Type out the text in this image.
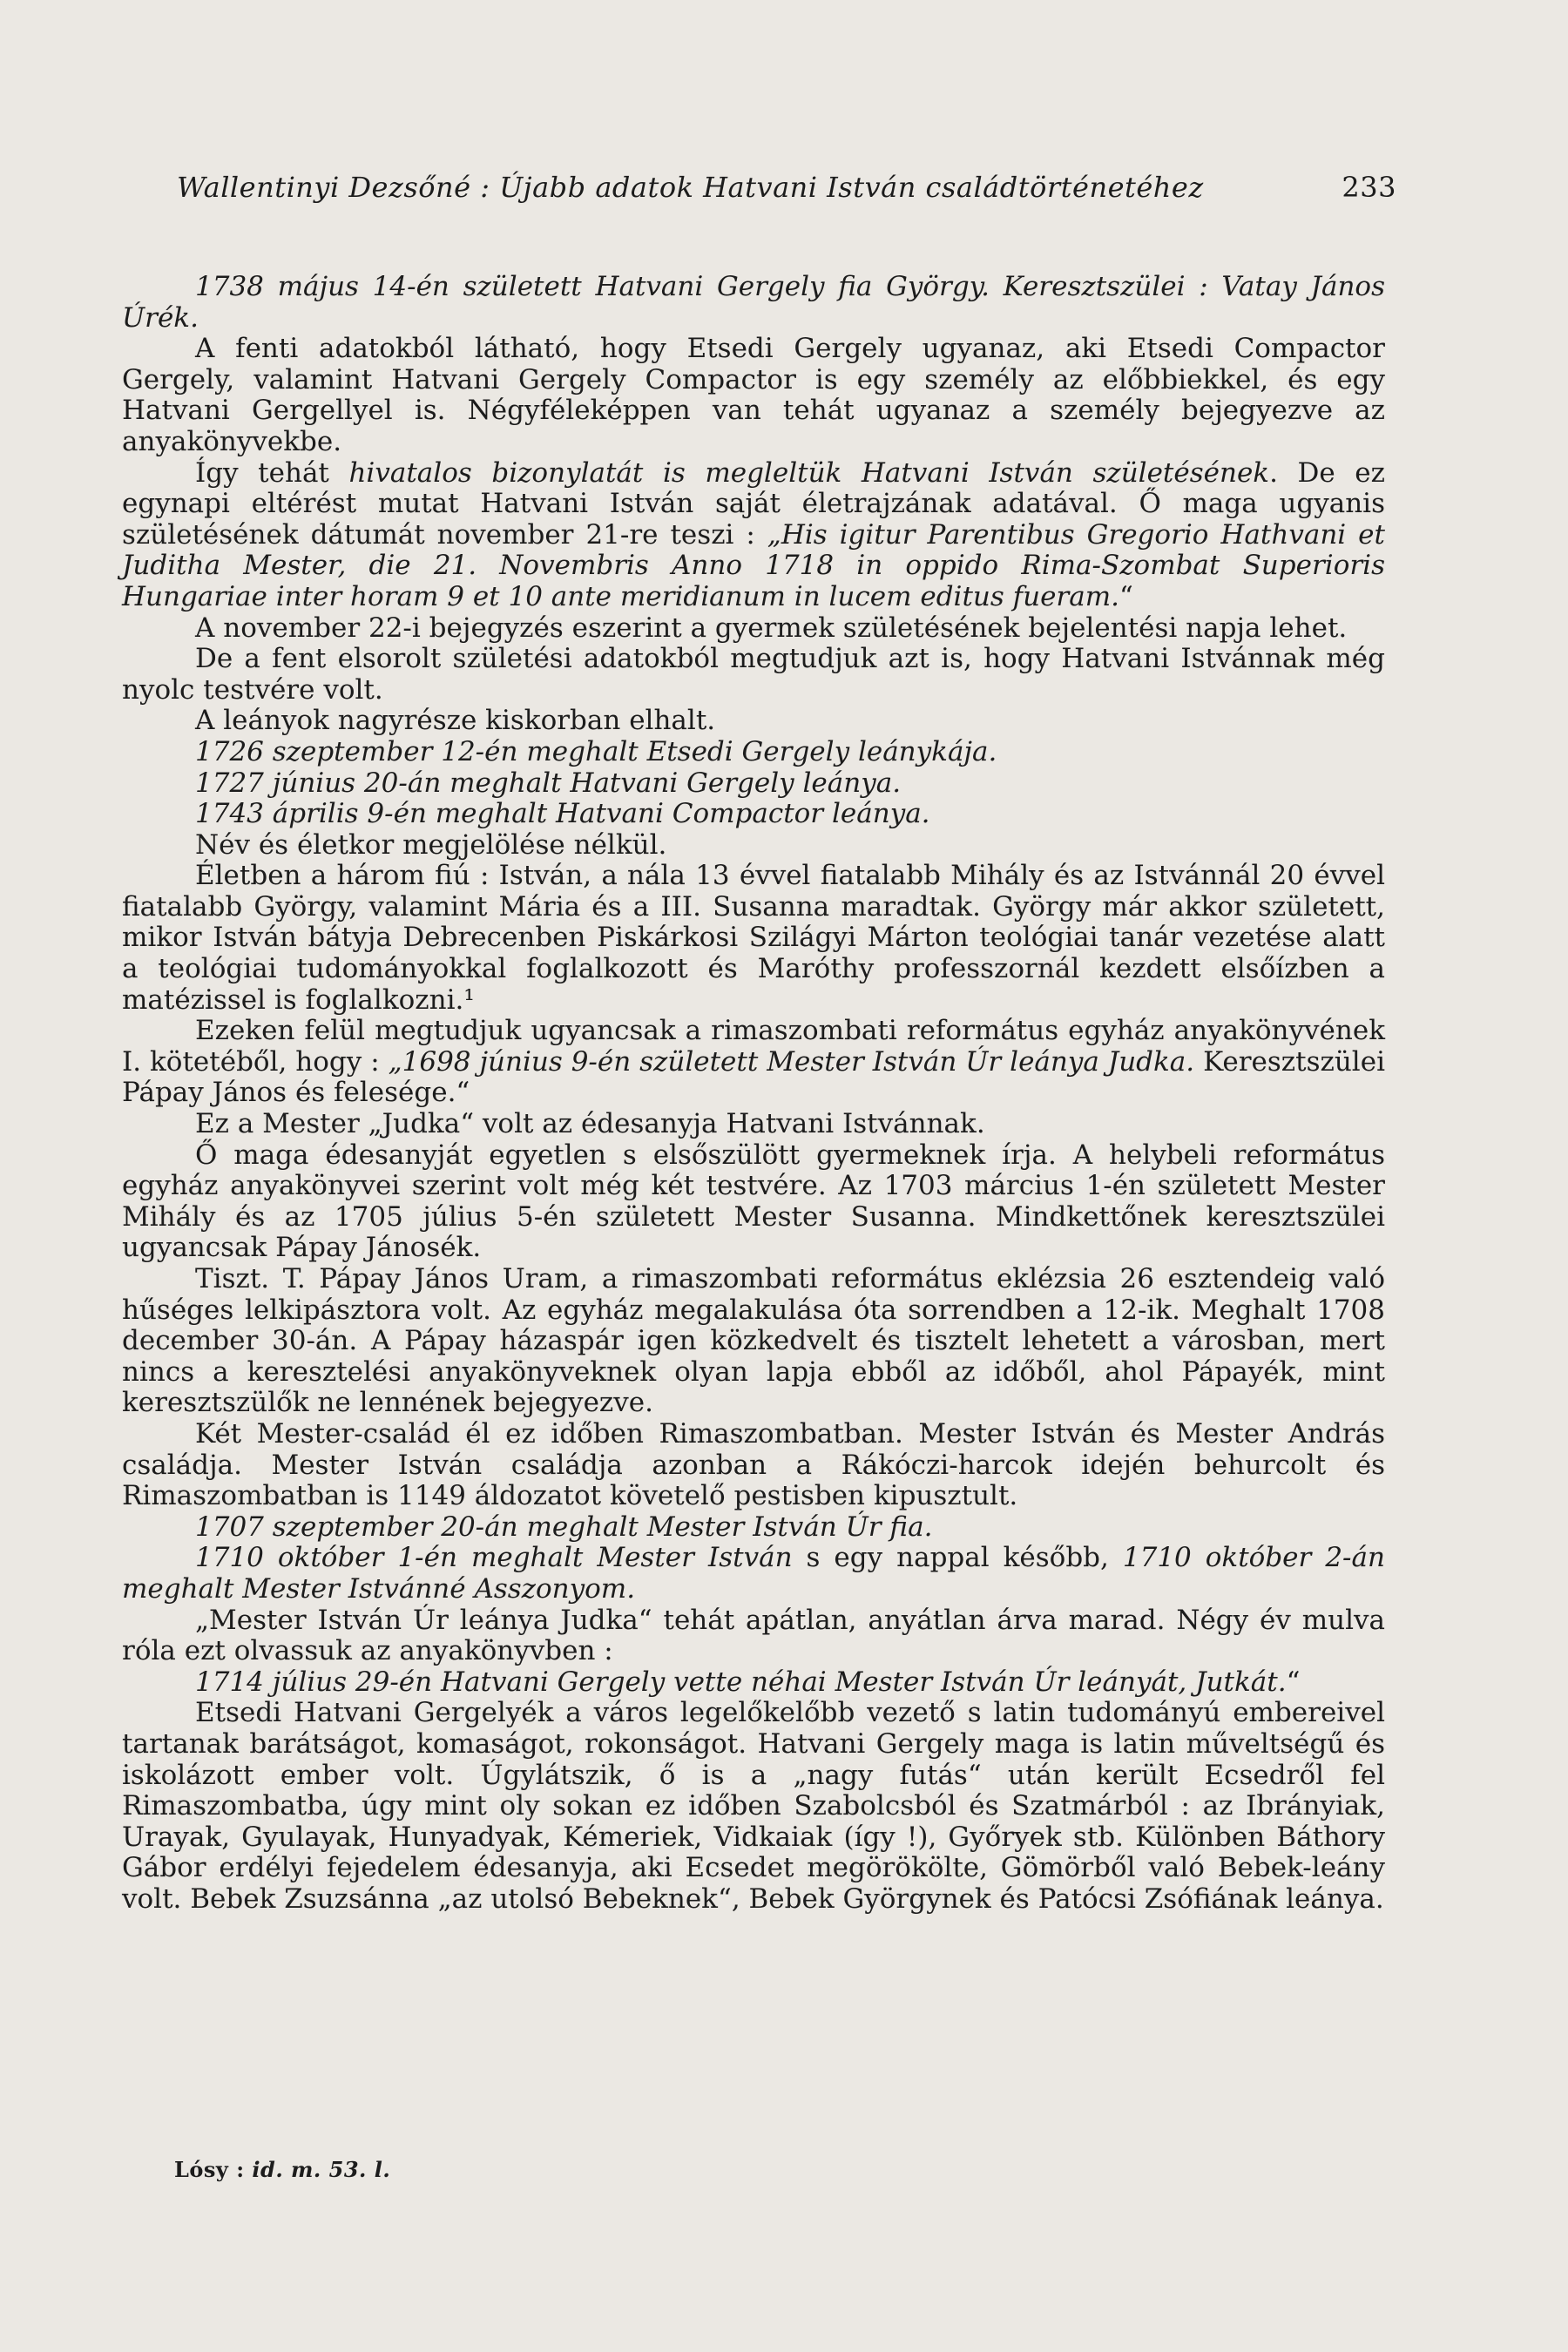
Wallentinyi Dezsőné : Újabb adatok Hatvani István családtörténetéhez	233

1738 május 14-én született Hatvani Gergely fia György. Keresztszülei : Vatay János Úrék.

A fenti adatokból látható, hogy Etsedi Gergely ugyanaz, aki Etsedi Compactor Gergely, valamint Hatvani Gergely Compactor is egy személy az előbbiekkel, és egy Hatvani Gergellyel is. Négyféleképpen van tehát ugyanaz a személy bejegyezve az anyakönyvekbe.

Így tehát hivatalos bizonylatát is megleltük Hatvani István születésének. De ez egynapi eltérést mutat Hatvani István saját életrajzának adatával. Ő maga ugyanis születésének dátumát november 21-re teszi : „His igitur Parentibus Gregorio Hathvani et Juditha Mester, die 21. Novembris Anno 1718 in oppido Rima-Szombat Superioris Hungariae inter horam 9 et 10 ante meridianum in lucem editus fueram.“

A november 22-i bejegyzés eszerint a gyermek születésének bejelentési napja lehet.

De a fent elsorolt születési adatokból megtudjuk azt is, hogy Hatvani Istvánnak még nyolc testvére volt.

A leányok nagyrésze kiskorban elhalt.

1726 szeptember 12-én meghalt Etsedi Gergely leánykája.

1727 június 20-án meghalt Hatvani Gergely leánya.

1743 április 9-én meghalt Hatvani Compactor leánya.

Név és életkor megjelölése nélkül.

Életben a három fiú : István, a nála 13 évvel fiatalabb Mihály és az Istvánnál 20 évvel fiatalabb György, valamint Mária és a III. Susanna maradtak. György már akkor született, mikor István bátyja Debrecenben Piskárkosi Szilágyi Márton teológiai tanár vezetése alatt a teológiai tudományokkal foglalkozott és Maróthy professzornál kezdett elsőízben a matézissel is foglalkozni.¹

Ezeken felül megtudjuk ugyancsak a rimaszombati református egyház anyakönyvének I. kötetéből, hogy : „1698 június 9-én született Mester István Úr leánya Judka. Keresztszülei Pápay János és felesége.“

Ez a Mester „Judka“ volt az édesanyja Hatvani Istvánnak.

Ő maga édesanyját egyetlen s elsőszülött gyermeknek írja. A helybeli református egyház anyakönyvei szerint volt még két testvére. Az 1703 március 1-én született Mester Mihály és az 1705 július 5-én született Mester Susanna. Mindkettőnek keresztszülei ugyancsak Pápay Jánosék.

Tiszt. T. Pápay János Uram, a rimaszombati református eklézsia 26 esztendeig való hűséges lelkipásztora volt. Az egyház megalakulása óta sorrendben a 12-ik. Meghalt 1708 december 30-án. A Pápay házaspár igen közkedvelt és tisztelt lehetett a városban, mert nincs a keresztelési anyakönyveknek olyan lapja ebből az időből, ahol Pápayék, mint keresztszülők ne lennének bejegyezve.

Két Mester-család él ez időben Rimaszombatban. Mester István és Mester András családja. Mester István családja azonban a Rákóczi-harcok idején behurcolt és Rimaszombatban is 1149 áldozatot követelő pestisben kipusztult.

1707 szeptember 20-án meghalt Mester István Úr fia.

1710 október 1-én meghalt Mester István s egy nappal később, 1710 október 2-án meghalt Mester Istvánné Asszonyom.

„Mester István Úr leánya Judka“ tehát apátlan, anyátlan árva marad. Négy év mulva róla ezt olvassuk az anyakönyvben :

1714 július 29-én Hatvani Gergely vette néhai Mester István Úr leányát, Jutkát.“

Etsedi Hatvani Gergelyék a város legelőkelőbb vezető s latin tudományú embereivel tartanak barátságot, komaságot, rokonságot. Hatvani Gergely maga is latin műveltségű és iskolázott ember volt. Úgylátszik, ő is a „nagy futás“ után került Ecsedről fel Rimaszombatba, úgy mint oly sokan ez időben Szabolcsból és Szatmárból : az Ibrányiak, Urayak, Gyulayak, Hunyadyak, Kémeriek, Vidkaiak (így !), Győryek stb. Különben Báthory Gábor erdélyi fejedelem édesanyja, aki Ecsedet megörökölte, Gömörből való Bebek-leány volt. Bebek Zsuzsánna „az utolsó Bebeknek“, Bebek Györgynek és Patócsi Zsófiának leánya.

Lósy : id. m. 53. l.
